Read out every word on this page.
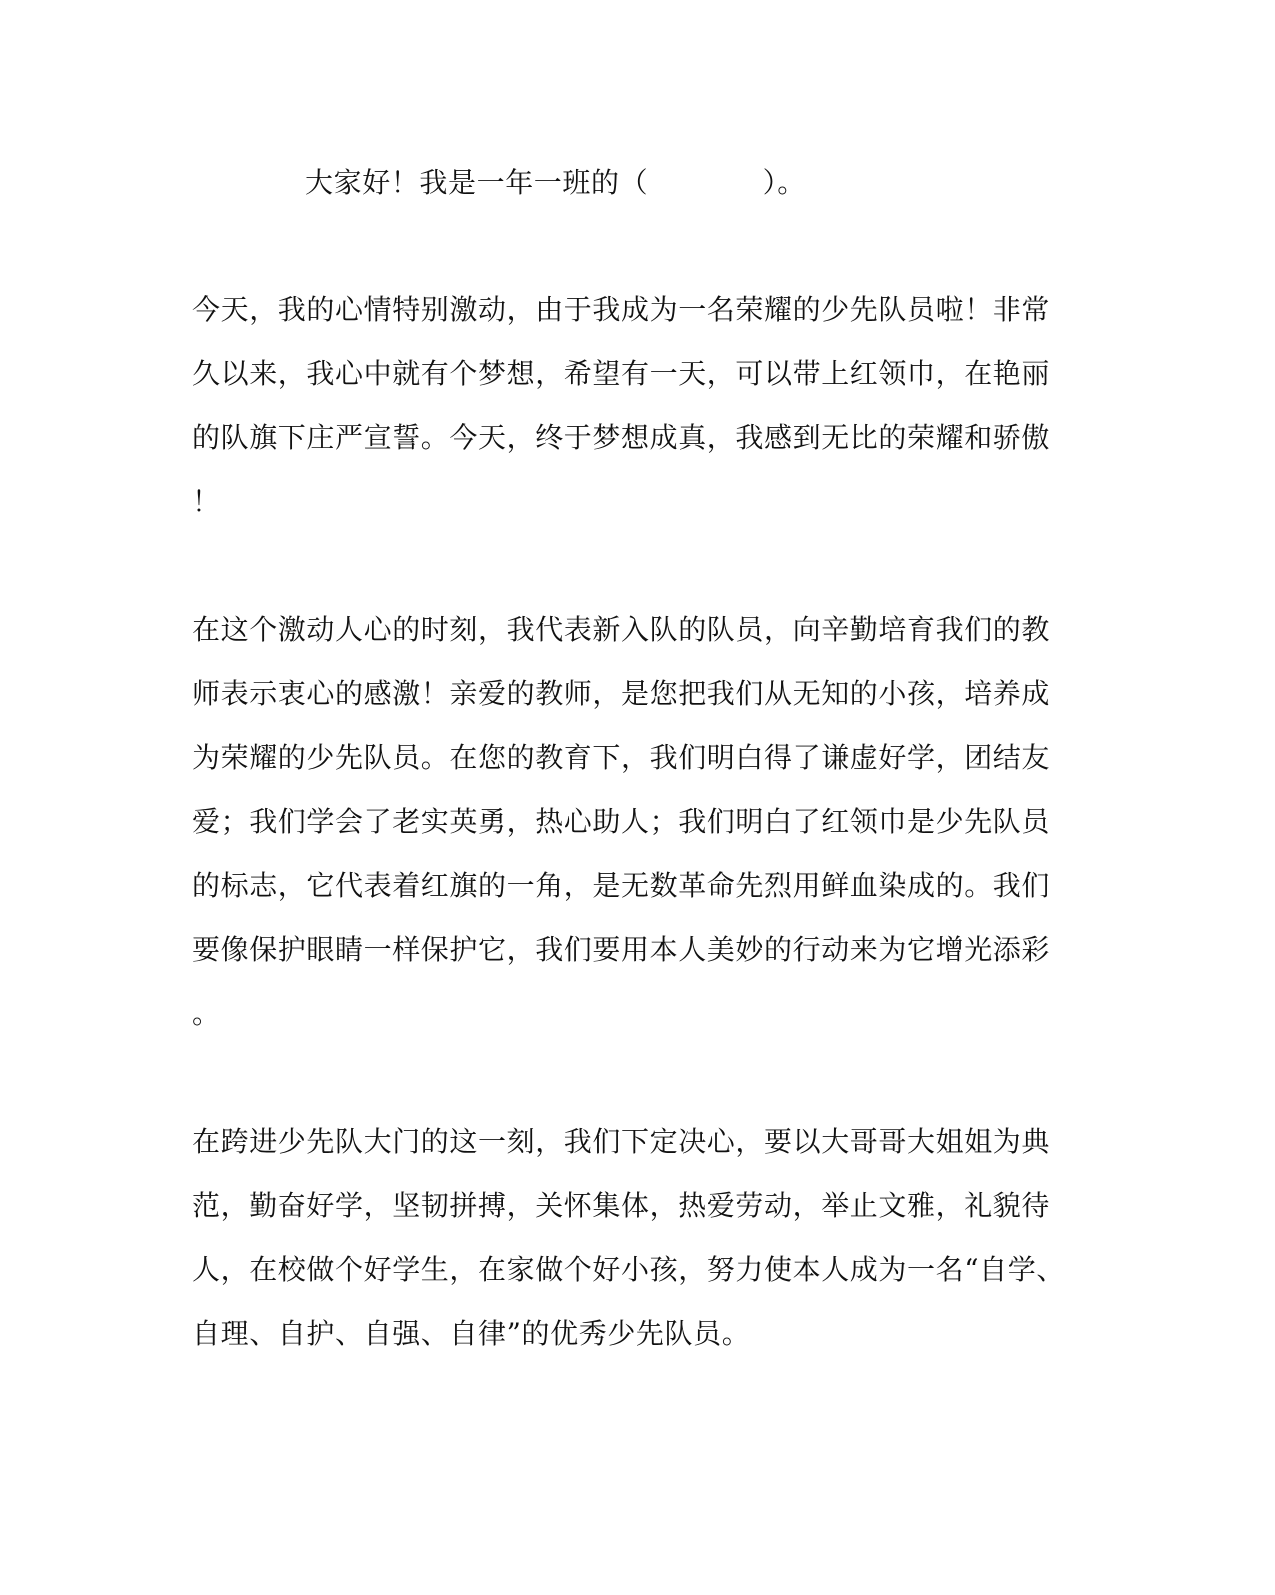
大家好！我是一年一班的（　　　　）。
今天，我的心情特别激动，由于我成为一名荣耀的少先队员啦！非常
久以来，我心中就有个梦想，希望有一天，可以带上红领巾，在艳丽
的队旗下庄严宣誓。今天，终于梦想成真，我感到无比的荣耀和骄傲
！
在这个激动人心的时刻，我代表新入队的队员，向辛勤培育我们的教
师表示衷心的感激！亲爱的教师，是您把我们从无知的小孩，培养成
为荣耀的少先队员。在您的教育下，我们明白得了谦虚好学，团结友
爱；我们学会了老实英勇，热心助人；我们明白了红领巾是少先队员
的标志，它代表着红旗的一角，是无数革命先烈用鲜血染成的。我们
要像保护眼睛一样保护它，我们要用本人美妙的行动来为它增光添彩
。
在跨进少先队大门的这一刻，我们下定决心，要以大哥哥大姐姐为典
范，勤奋好学，坚韧拼搏，关怀集体，热爱劳动，举止文雅，礼貌待
人，在校做个好学生，在家做个好小孩，努力使本人成为一名“自学、
自理、自护、自强、自律”的优秀少先队员。
